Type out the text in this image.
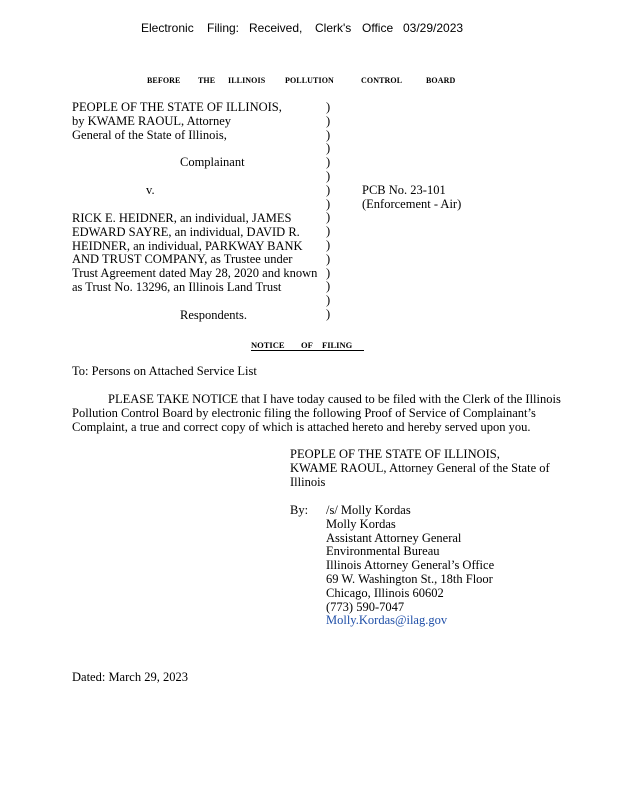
Electronic Filing: Received, Clerk's Office 03/29/2023
BEFORE THE ILLINOIS POLLUTION	CONTROL	BOARD
PEOPLE OF THE STATE OF ILLINOIS,
by KWAME RAOUL, Attorney
General of the State of Illinois,
Complainant
v.
RICK E. HEIDNER, an individual, JAMES
EDWARD SAYRE, an individual, DAVID R.
HEIDNER, an individual, PARKWAY BANK
AND TRUST COMPANY, as Trustee under
Trust Agreement dated May 28, 2020 and known
as Trust No. 13296, an Illinois Land Trust
Respondents.
)
)
)
)
)
)
)
)
)
)
)
)
)
)
)
)
PCB No. 23-101
(Enforcement - Air)
NOTICE OF FILING
To: Persons on Attached Service List
PLEASE TAKE NOTICE that I have today caused to be filed with the Clerk of the Illinois
Pollution Control Board by electronic filing the following Proof of Service of Complainant’s
Complaint, a true and correct copy of which is attached hereto and hereby served upon you.
PEOPLE OF THE STATE OF ILLINOIS,
KWAME RAOUL, Attorney General of the State of
Illinois
By: /s/ Molly Kordas
Molly Kordas
Assistant Attorney General
Environmental Bureau
Illinois Attorney General’s Office
69 W. Washington St., 18th Floor
Chicago, Illinois 60602
(773) 590-7047
Molly.Kordas@ilag.gov
Dated: March 29, 2023
